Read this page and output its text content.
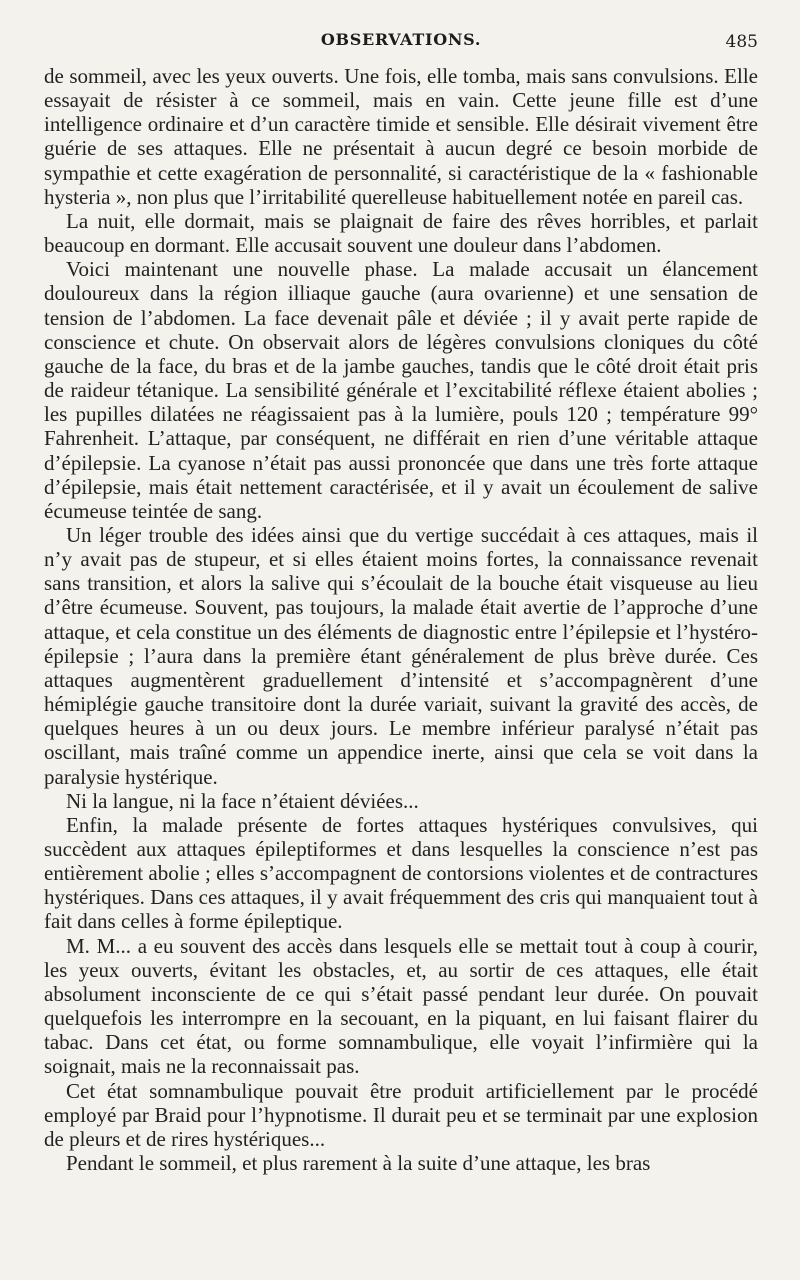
OBSERVATIONS.	485

de sommeil, avec les yeux ouverts. Une fois, elle tomba, mais sans convulsions. Elle essayait de résister à ce sommeil, mais en vain. Cette jeune fille est d’une intelligence ordinaire et d’un caractère timide et sensible. Elle désirait vivement être guérie de ses attaques. Elle ne présentait à aucun degré ce besoin morbide de sympathie et cette exagération de personnalité, si caractéristique de la « fashionable hysteria », non plus que l’irritabilité querelleuse habituellement notée en pareil cas.

La nuit, elle dormait, mais se plaignait de faire des rêves horribles, et parlait beaucoup en dormant. Elle accusait souvent une douleur dans l’abdomen.

Voici maintenant une nouvelle phase. La malade accusait un élancement douloureux dans la région illiaque gauche (aura ovarienne) et une sensation de tension de l’abdomen. La face devenait pâle et déviée ; il y avait perte rapide de conscience et chute. On observait alors de légères convulsions cloniques du côté gauche de la face, du bras et de la jambe gauches, tandis que le côté droit était pris de raideur tétanique. La sensibilité générale et l’excitabilité réflexe étaient abolies ; les pupilles dilatées ne réagissaient pas à la lumière, pouls 120 ; température 99° Fahrenheit. L’attaque, par conséquent, ne différait en rien d’une véritable attaque d’épilepsie. La cyanose n’était pas aussi prononcée que dans une très forte attaque d’épilepsie, mais était nettement caractérisée, et il y avait un écoulement de salive écumeuse teintée de sang.

Un léger trouble des idées ainsi que du vertige succédait à ces attaques, mais il n’y avait pas de stupeur, et si elles étaient moins fortes, la connaissance revenait sans transition, et alors la salive qui s’écoulait de la bouche était visqueuse au lieu d’être écumeuse. Souvent, pas toujours, la malade était avertie de l’approche d’une attaque, et cela constitue un des éléments de diagnostic entre l’épilepsie et l’hystéro-épilepsie ; l’aura dans la première étant généralement de plus brève durée. Ces attaques augmentèrent graduellement d’intensité et s’accompagnèrent d’une hémiplégie gauche transitoire dont la durée variait, suivant la gravité des accès, de quelques heures à un ou deux jours. Le membre inférieur paralysé n’était pas oscillant, mais traîné comme un appendice inerte, ainsi que cela se voit dans la paralysie hystérique.

Ni la langue, ni la face n’étaient déviées...

Enfin, la malade présente de fortes attaques hystériques convulsives, qui succèdent aux attaques épileptiformes et dans lesquelles la conscience n’est pas entièrement abolie ; elles s’accompagnent de contorsions violentes et de contractures hystériques. Dans ces attaques, il y avait fréquemment des cris qui manquaient tout à fait dans celles à forme épileptique.

M. M... a eu souvent des accès dans lesquels elle se mettait tout à coup à courir, les yeux ouverts, évitant les obstacles, et, au sortir de ces attaques, elle était absolument inconsciente de ce qui s’était passé pendant leur durée. On pouvait quelquefois les interrompre en la secouant, en la piquant, en lui faisant flairer du tabac. Dans cet état, ou forme somnambulique, elle voyait l’infirmière qui la soignait, mais ne la reconnaissait pas.

Cet état somnambulique pouvait être produit artificiellement par le procédé employé par Braid pour l’hypnotisme. Il durait peu et se terminait par une explosion de pleurs et de rires hystériques...

Pendant le sommeil, et plus rarement à la suite d’une attaque, les bras
